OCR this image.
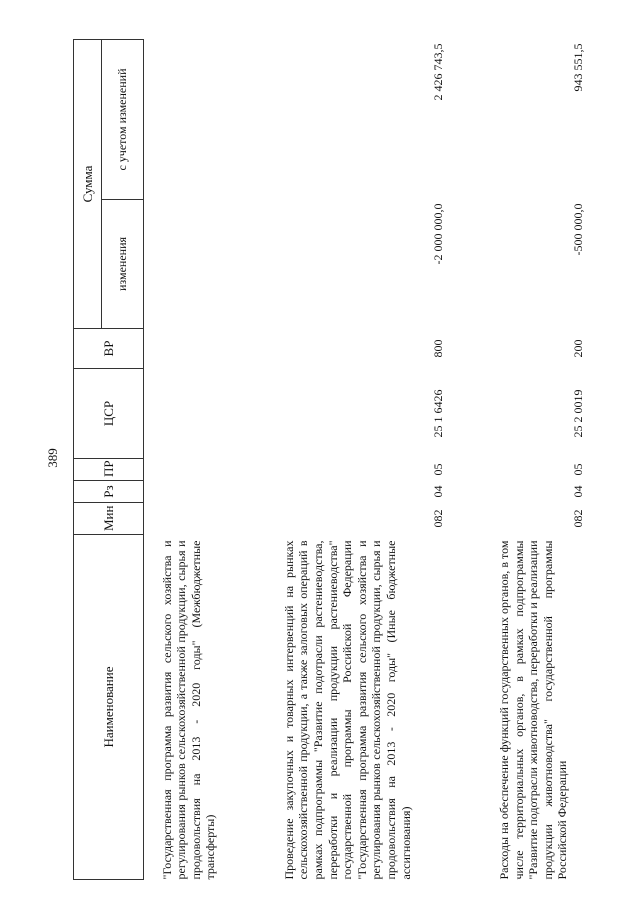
389
Наименование	Мин	Рз	ПР	ЦСР	ВР	Сумма	
						изменения	с учетом изменений
"Государственная программа развития сельского хозяйства и регулирования рынков сельскохозяйственной продукции, сырья и продовольствия на 2013 - 2020 годы" (Межбюджетные трансферты)							
Проведение закупочных и товарных интервенций на рынках сельскохозяйственной продукции, а также залоговых операций в рамках подпрограммы "Развитие подотрасли растениеводства, переработки и реализации продукции растениеводства" государственной программы Российской Федерации "Государственная программа развития сельского хозяйства и регулирования рынков сельскохозяйственной продукции, сырья и продовольствия на 2013 - 2020 годы" (Иные бюджетные ассигнования)	082	04	05	25 1 6426	800	-2 000 000,0	2 426 743,5
Расходы на обеспечение функций государственных органов, в том числе территориальных органов, в рамках подпрограммы "Развитие подотрасли животноводства, переработки и реализации продукции животноводства" государственной программы Российской Федерации	082	04	05	25 2 0019	200	-500 000,0	943 551,5
